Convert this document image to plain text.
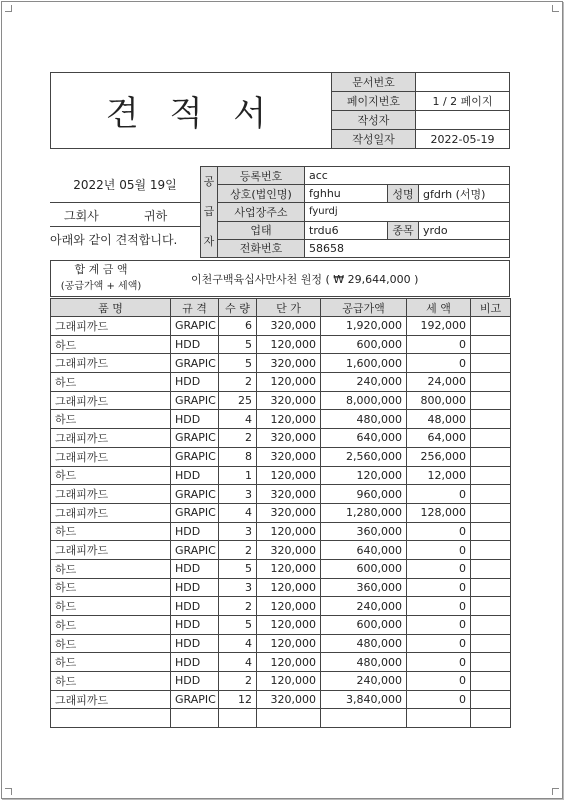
견 적 서	문서번호	
	페이지번호	1 / 2 페이지
	작성자	
	작성일자	2022-05-19
2022년 05월 19일
그회사	귀하
아래와 같이 견적합니다.
공
급
자	등록번호	acc		
	상호(법인명)	fghhu	성명	gfdrh (서명)
	사업장주소	fyurdj		
	업태	trdu6	종목	yrdo
	전화번호	58658		
합 계 금 액
(공급가액 + 세액)	이천구백육십사만사천 원정 ( ₩ 29,644,000 )
품 명	규 격	수 량	단 가	공급가액	세 액	비고
그래피까드	GRAPIC	6	320,000	1,920,000	192,000	
하드	HDD	5	120,000	600,000	0	
그래피까드	GRAPIC	5	320,000	1,600,000	0	
하드	HDD	2	120,000	240,000	24,000	
그래피까드	GRAPIC	25	320,000	8,000,000	800,000	
하드	HDD	4	120,000	480,000	48,000	
그래피까드	GRAPIC	2	320,000	640,000	64,000	
그래피까드	GRAPIC	8	320,000	2,560,000	256,000	
하드	HDD	1	120,000	120,000	12,000	
그래피까드	GRAPIC	3	320,000	960,000	0	
그래피까드	GRAPIC	4	320,000	1,280,000	128,000	
하드	HDD	3	120,000	360,000	0	
그래피까드	GRAPIC	2	320,000	640,000	0	
하드	HDD	5	120,000	600,000	0	
하드	HDD	3	120,000	360,000	0	
하드	HDD	2	120,000	240,000	0	
하드	HDD	5	120,000	600,000	0	
하드	HDD	4	120,000	480,000	0	
하드	HDD	4	120,000	480,000	0	
하드	HDD	2	120,000	240,000	0	
그래피까드	GRAPIC	12	320,000	3,840,000	0	
